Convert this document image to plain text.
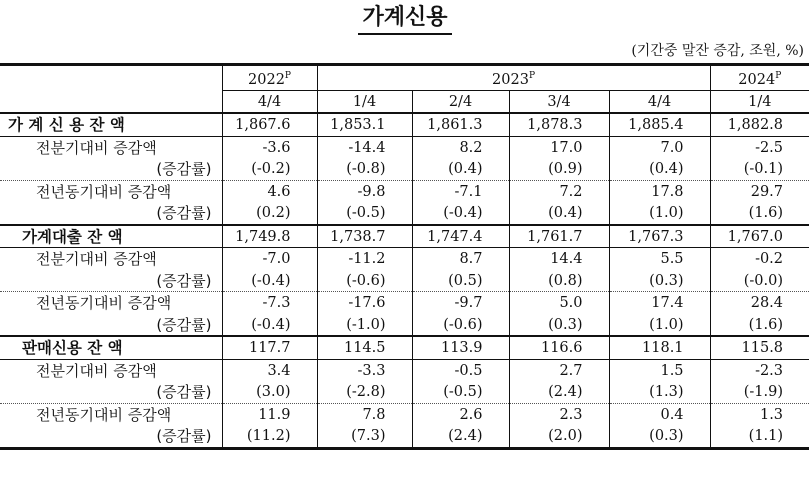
가계신용
(기간중 말잔 증감, 조원, %)
	$2022^P$	$2023^P$				$2024^P$
	4/4	1/4	2/4	3/4	4/4	1/4
가 계 신 용 잔 액	1,867.6	1,853.1	1,861.3	1,878.3	1,885.4	1,882.8
전분기대비 증감액	-3.6	-14.4	8.2	17.0	7.0	-2.5
(증감률)	(-0.2)	(-0.8)	(0.4)	(0.9)	(0.4)	(-0.1)
전년동기대비 증감액	4.6	-9.8	-7.1	7.2	17.8	29.7
(증감률)	(0.2)	(-0.5)	(-0.4)	(0.4)	(1.0)	(1.6)
가계대출 잔 액	1,749.8	1,738.7	1,747.4	1,761.7	1,767.3	1,767.0
전분기대비 증감액	-7.0	-11.2	8.7	14.4	5.5	-0.2
(증감률)	(-0.4)	(-0.6)	(0.5)	(0.8)	(0.3)	(-0.0)
전년동기대비 증감액	-7.3	-17.6	-9.7	5.0	17.4	28.4
(증감률)	(-0.4)	(-1.0)	(-0.6)	(0.3)	(1.0)	(1.6)
판매신용 잔 액	117.7	114.5	113.9	116.6	118.1	115.8
전분기대비 증감액	3.4	-3.3	-0.5	2.7	1.5	-2.3
(증감률)	(3.0)	(-2.8)	(-0.5)	(2.4)	(1.3)	(-1.9)
전년동기대비 증감액	11.9	7.8	2.6	2.3	0.4	1.3
(증감률)	(11.2)	(7.3)	(2.4)	(2.0)	(0.3)	(1.1)
